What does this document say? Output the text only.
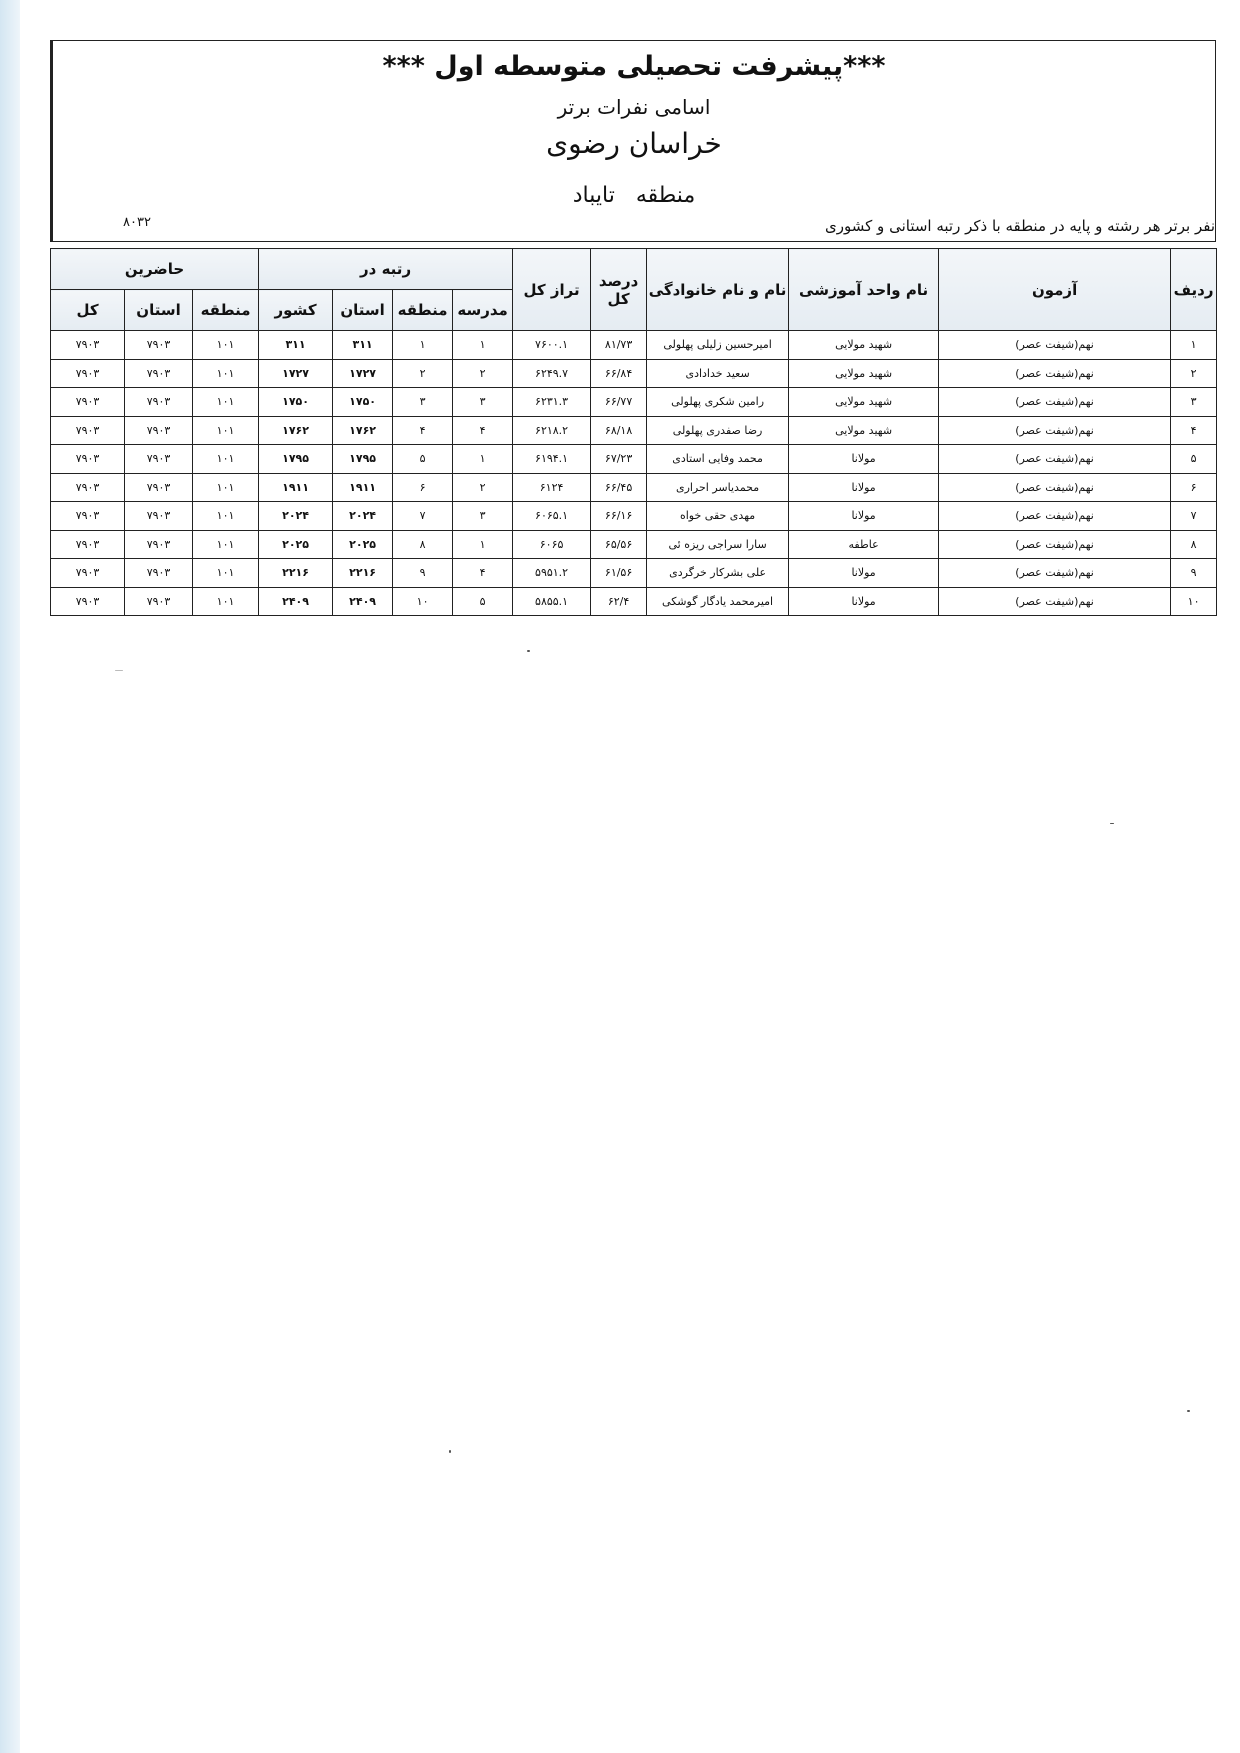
***پیشرفت تحصیلی متوسطه اول ***
اسامی نفرات برتر
خراسان رضوی
منطقه تایباد
۸۰۳۲	نفر برتر هر رشته و پایه در منطقه با ذکر رتبه استانی و کشوری
ردیف	آزمون	نام واحد آموزشی	نام و نام خانوادگی	درصد کل	تراز کل	رتبه در				حاضرین		
						مدرسه	منطقه	استان	کشور	منطقه	استان	کل
۱	نهم(شیفت عصر)	شهید مولایی	امیرحسین زلیلی پهلولی	۸۱/۷۳	۷۶۰۰.۱	۱	۱	۳۱۱	۳۱۱	۱۰۱	۷۹۰۳	۷۹۰۳
۲	نهم(شیفت عصر)	شهید مولایی	سعید خدادادی	۶۶/۸۴	۶۲۴۹.۷	۲	۲	۱۷۲۷	۱۷۲۷	۱۰۱	۷۹۰۳	۷۹۰۳
۳	نهم(شیفت عصر)	شهید مولایی	رامین شکری پهلولی	۶۶/۷۷	۶۲۳۱.۳	۳	۳	۱۷۵۰	۱۷۵۰	۱۰۱	۷۹۰۳	۷۹۰۳
۴	نهم(شیفت عصر)	شهید مولایی	رضا صفدری پهلولی	۶۸/۱۸	۶۲۱۸.۲	۴	۴	۱۷۶۲	۱۷۶۲	۱۰۱	۷۹۰۳	۷۹۰۳
۵	نهم(شیفت عصر)	مولانا	محمد وفایی استادی	۶۷/۲۳	۶۱۹۴.۱	۱	۵	۱۷۹۵	۱۷۹۵	۱۰۱	۷۹۰۳	۷۹۰۳
۶	نهم(شیفت عصر)	مولانا	محمدیاسر احراری	۶۶/۴۵	۶۱۲۴	۲	۶	۱۹۱۱	۱۹۱۱	۱۰۱	۷۹۰۳	۷۹۰۳
۷	نهم(شیفت عصر)	مولانا	مهدی حقی خواه	۶۶/۱۶	۶۰۶۵.۱	۳	۷	۲۰۲۴	۲۰۲۴	۱۰۱	۷۹۰۳	۷۹۰۳
۸	نهم(شیفت عصر)	عاطفه	سارا سراجی ریزه ئی	۶۵/۵۶	۶۰۶۵	۱	۸	۲۰۲۵	۲۰۲۵	۱۰۱	۷۹۰۳	۷۹۰۳
۹	نهم(شیفت عصر)	مولانا	علی بشرکار خرگردی	۶۱/۵۶	۵۹۵۱.۲	۴	۹	۲۲۱۶	۲۲۱۶	۱۰۱	۷۹۰۳	۷۹۰۳
۱۰	نهم(شیفت عصر)	مولانا	امیرمحمد یادگار گوشکی	۶۲/۴	۵۸۵۵.۱	۵	۱۰	۲۴۰۹	۲۴۰۹	۱۰۱	۷۹۰۳	۷۹۰۳
